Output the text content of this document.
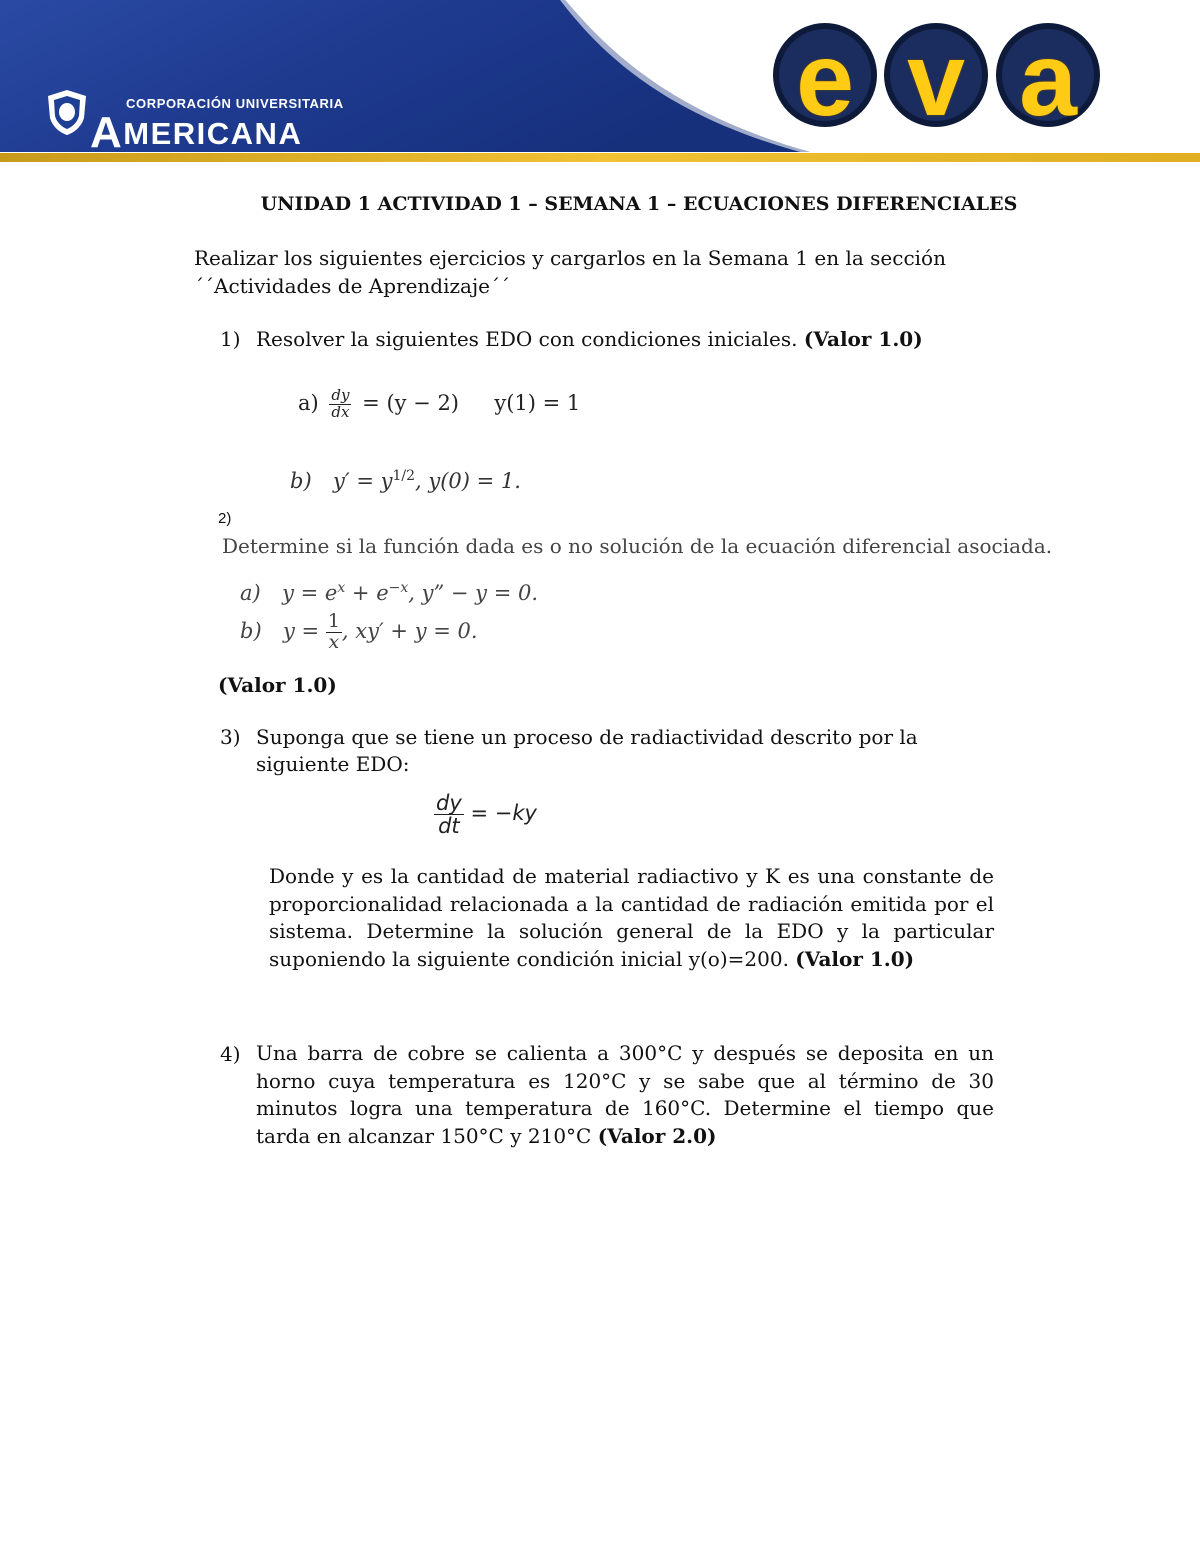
CORPORACIÓN UNIVERSITARIA
AMERICANA	e v a
UNIDAD 1 ACTIVIDAD 1 – SEMANA 1 – ECUACIONES DIFERENCIALES
Realizar los siguientes ejercicios y cargarlos en la Semana 1 en la sección
´´Actividades de Aprendizaje´´
1) Resolver la siguientes EDO con condiciones iniciales. (Valor 1.0)
$a) \frac{dy}{dx} = (y - 2) y(1) = 1$
b) $y' = y^{1/2}$, y(0) = 1.
2)
Determine si la función dada es o no solución de la ecuación diferencial asociada.
a) $y = e^x + e^{-x}$, y” − y = 0.
b) $y = \frac{1}{x}$ , xy′ + y = 0.
(Valor 1.0)
3) Suponga que se tiene un proceso de radiactividad descrito por la
siguiente EDO:
$\frac{dy}{dt} = -ky$
Donde y es la cantidad de material radiactivo y K es una constante de proporcionalidad relacionada a la cantidad de radiación emitida por el sistema. Determine la solución general de la EDO y la particular suponiendo la siguiente condición inicial y(o)=200. (Valor 1.0)
4) Una barra de cobre se calienta a 300°C y después se deposita en un horno cuya temperatura es 120°C y se sabe que al término de 30 minutos logra una temperatura de 160°C. Determine el tiempo que tarda en alcanzar 150°C y 210°C (Valor 2.0)
